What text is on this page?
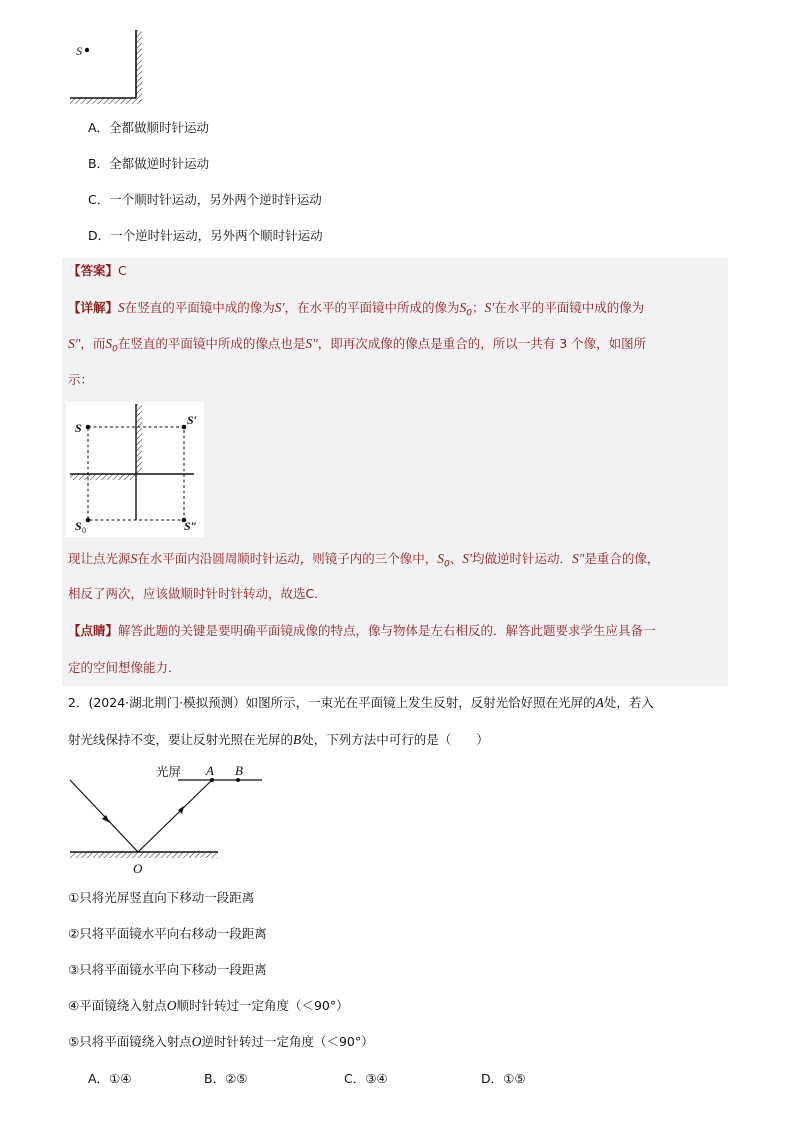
S
A．全都做顺时针运动
B．全都做逆时针运动
C．一个顺时针运动，另外两个逆时针运动
D．一个逆时针运动，另外两个顺时针运动
【答案】C
【详解】S在竖直的平面镜中成的像为S′，在水平的平面镜中所成的像为$S_0$；S′在水平的平面镜中成的像为
S″，而$S_0$在竖直的平面镜中所成的像点也是S″，即再次成像的像点是重合的，所以一共有 3 个像，如图所
示：
S
S′
S 0	S″
现让点光源S在水平面内沿圆周顺时针运动，则镜子内的三个像中，$S_0$、S′均做逆时针运动．S″是重合的像，
相反了两次，应该做顺时针时针转动，故选C．
【点睛】解答此题的关键是要明确平面镜成像的特点，像与物体是左右相反的．解答此题要求学生应具备一
定的空间想像能力．
2．(2024·湖北荆门·模拟预测）如图所示，一束光在平面镜上发生反射，反射光恰好照在光屏的A处，若入
射光线保持不变，要让反射光照在光屏的B处，下列方法中可行的是（　　）
光屏 A B
O
①只将光屏竖直向下移动一段距离
②只将平面镜水平向右移动一段距离
③只将平面镜水平向下移动一段距离
④平面镜绕入射点O顺时针转过一定角度（＜90°）
⑤只将平面镜绕入射点O逆时针转过一定角度（＜90°）
A．①④	B．②⑤	C．③④	D．①⑤
